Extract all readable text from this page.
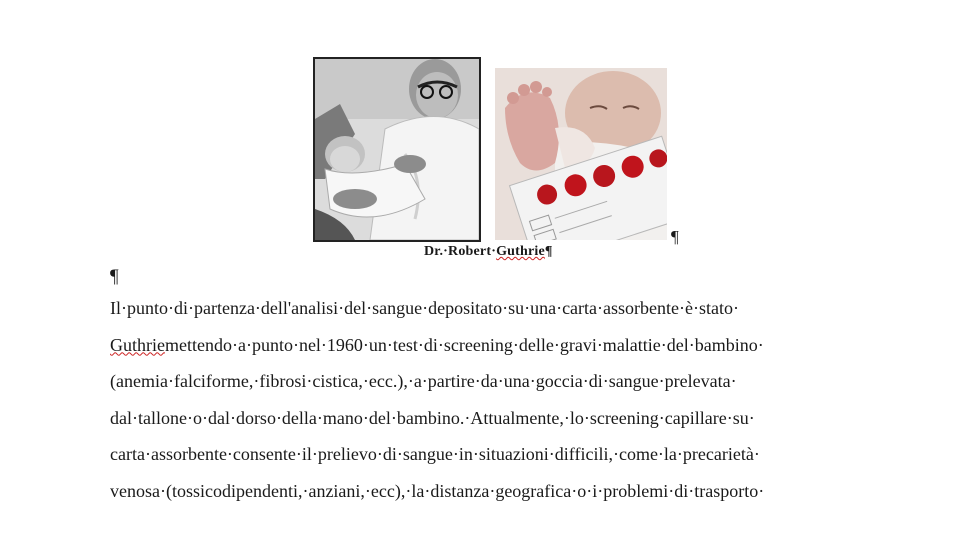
¶
Dr.·Robert·Guthrie¶
¶
Il·punto·di·partenza·dell'analisi·del·sangue·depositato·su·una·carta·assorbente·è·stato·
Guthriemettendo·a·punto·nel·1960·un·test·di·screening·delle·gravi·malattie·del·bambino·
(anemia·falciforme,·fibrosi·cistica,·ecc.),·a·partire·da·una·goccia·di·sangue·prelevata·
dal·tallone·o·dal·dorso·della·mano·del·bambino.·Attualmente,·lo·screening·capillare·su·
carta·assorbente·consente·il·prelievo·di·sangue·in·situazioni·difficili,·come·la·precarietà·
venosa·(tossicodipendenti,·anziani,·ecc),·la·distanza·geografica·o·i·problemi·di·trasporto·
